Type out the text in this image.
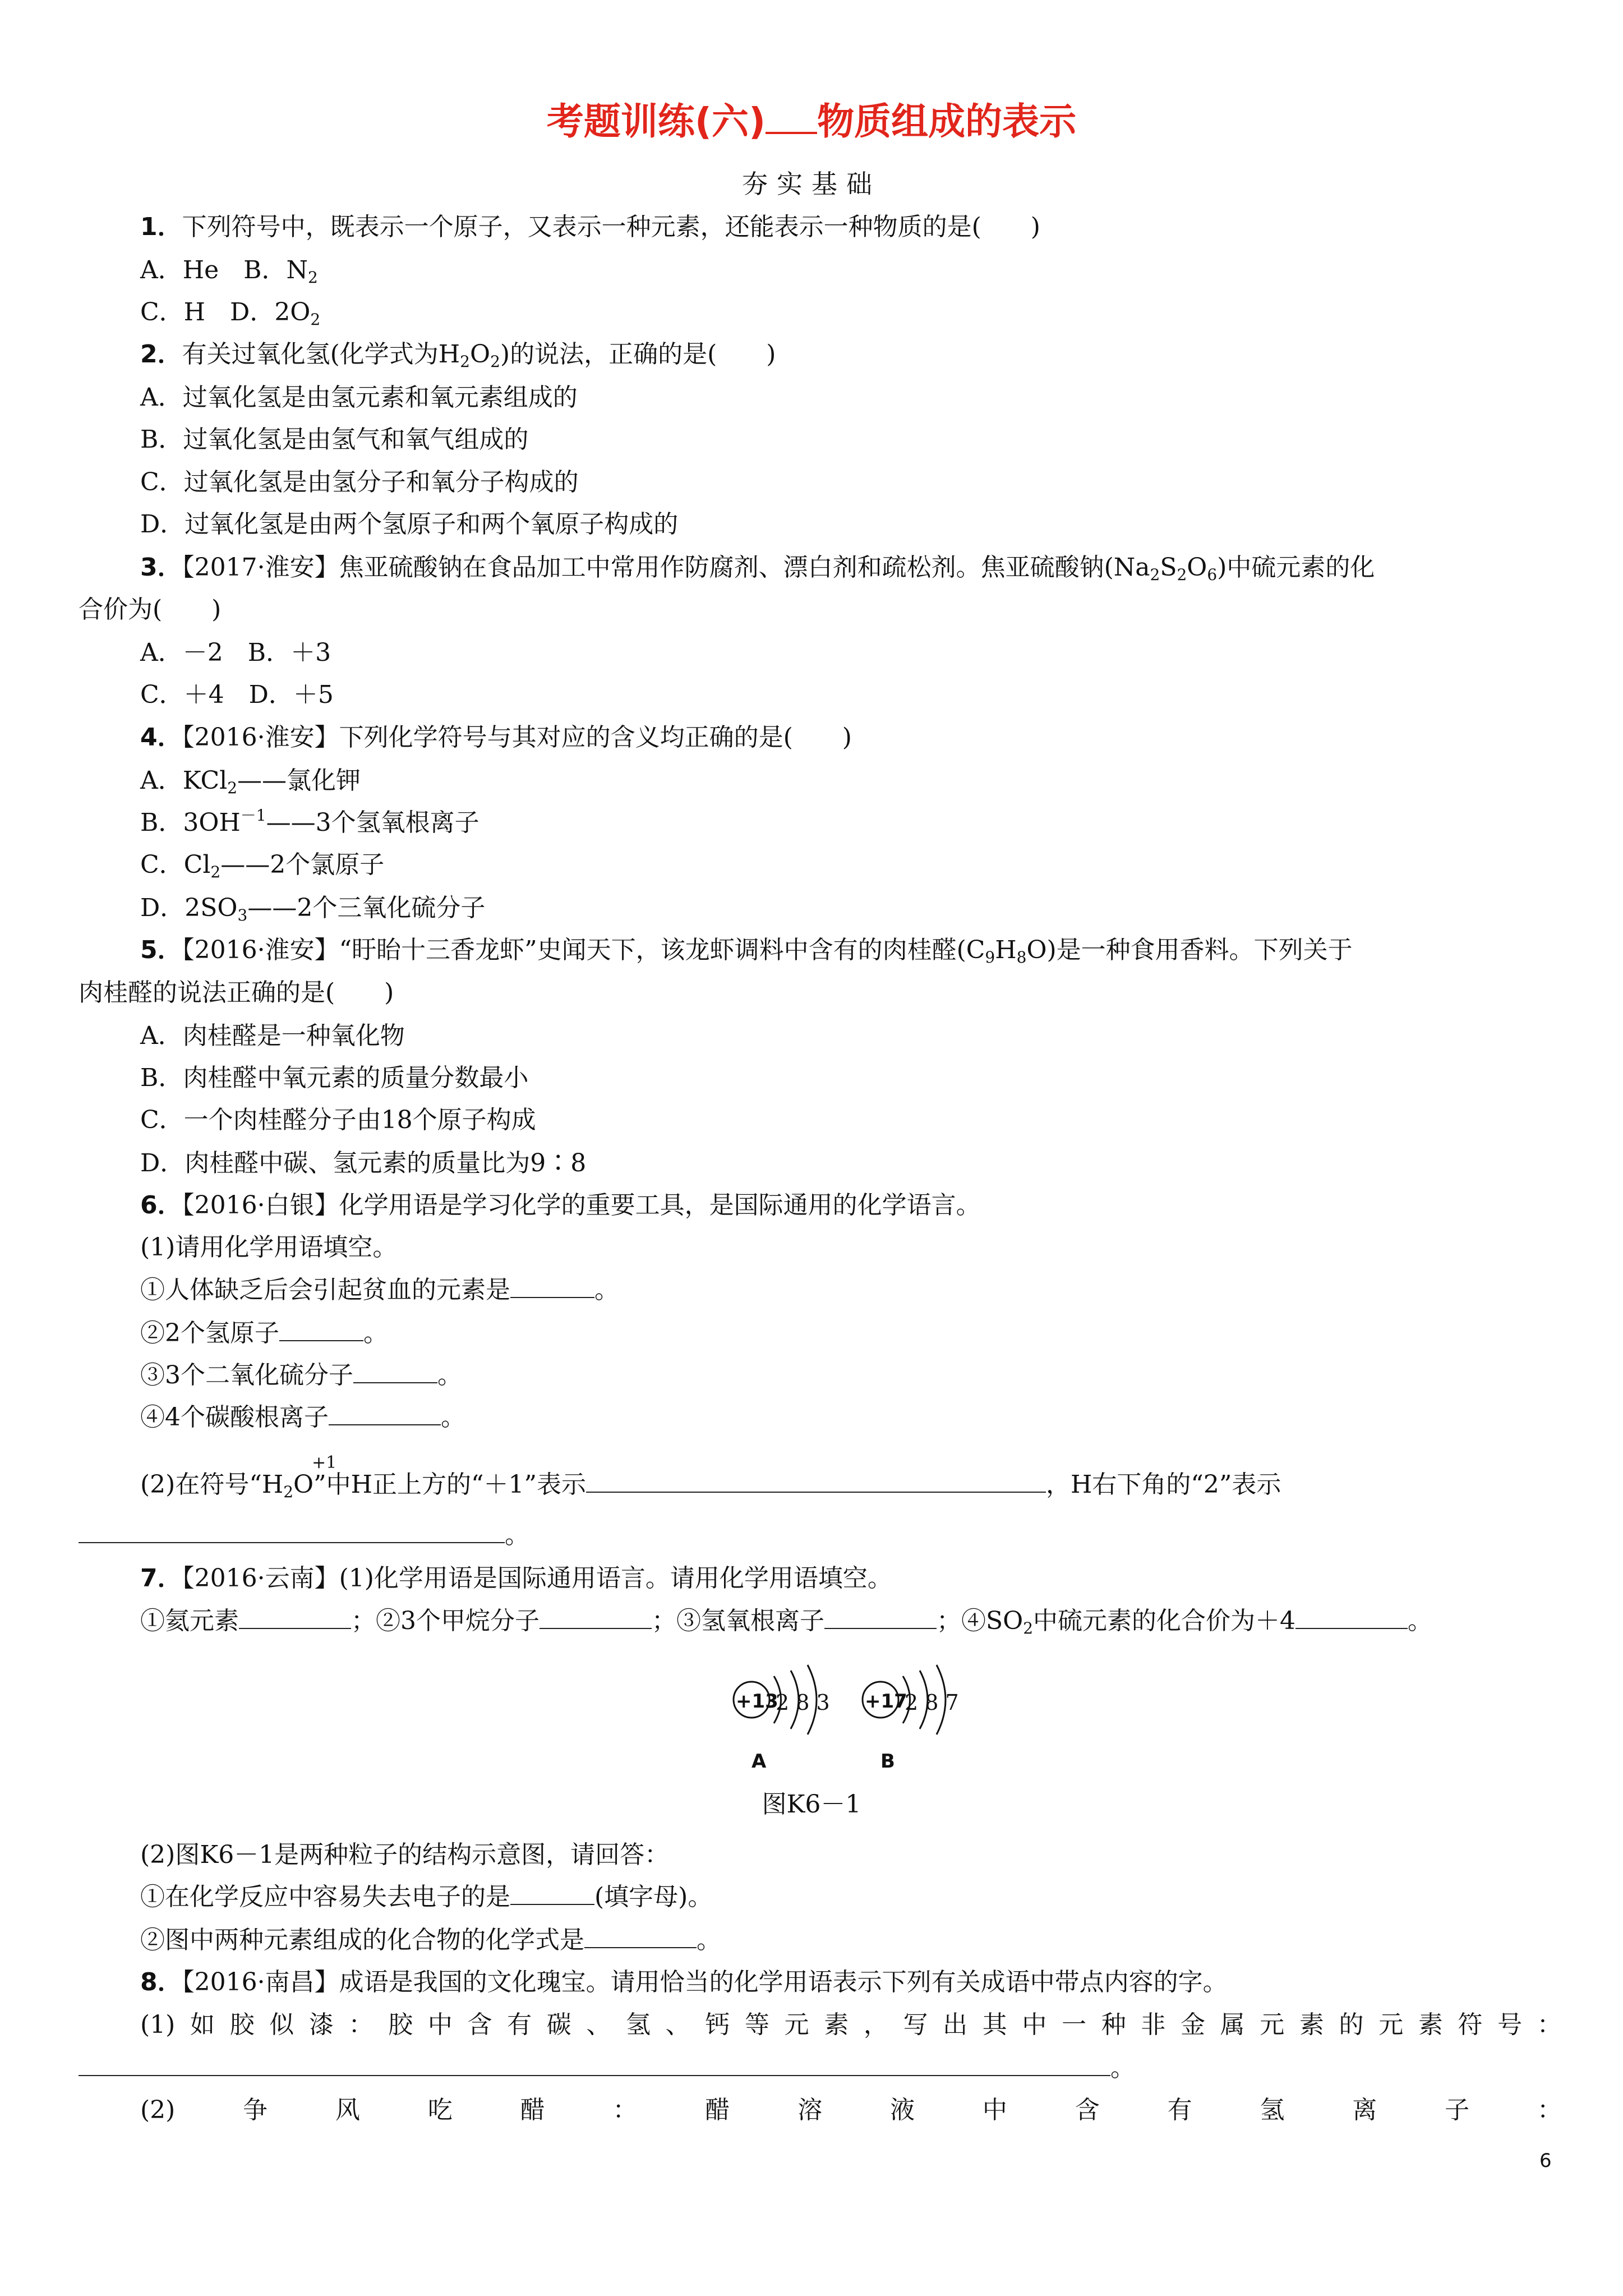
考题训练(六) 物质组成的表示
夯实基础
1．下列符号中，既表示一个原子，又表示一种元素，还能表示一种物质的是(　　)
A．He　B．$N_2$
C．H　D．$2O_2$
2．有关过氧化氢(化学式为$H_2O_2$)的说法，正确的是(　　)
A．过氧化氢是由氢元素和氧元素组成的
B．过氧化氢是由氢气和氧气组成的
C．过氧化氢是由氢分子和氧分子构成的
D．过氧化氢是由两个氢原子和两个氧原子构成的
3．【2017·淮安】焦亚硫酸钠在食品加工中常用作防腐剂、漂白剂和疏松剂。焦亚硫酸钠$(Na_2S_2O_6)$中硫元素的化
合价为(　　)
A．－2　B．＋3
C．＋4　D．＋5
4．【2016·淮安】下列化学符号与其对应的含义均正确的是(　　)
A．KCl$_2$——氯化钾
B．$3OH^{-1}——3$个氢氧根离子
C．$Cl_2——2$个氯原子
D．$2SO_3——2$个三氧化硫分子
5．【2016·淮安】“盱眙十三香龙虾”史闻天下，该龙虾调料中含有的肉桂醛$(C_9H_8O)$是一种食用香料。下列关于
肉桂醛的说法正确的是(　　)
A．肉桂醛是一种氧化物
B．肉桂醛中氧元素的质量分数最小
C．一个肉桂醛分子由18个原子构成
D．肉桂醛中碳、氢元素的质量比为9∶8
6．【2016·白银】化学用语是学习化学的重要工具，是国际通用的化学语言。
(1)请用化学用语填空。
①人体缺乏后会引起贫血的元素是	。
②2个氢原子	。
③3个二氧化硫分子	。
④4个碳酸根离子	。
+1
(2)在符号“$H_2O$”中H正上方的“＋1”表示	，H右下角的“2”表示
。
7．【2016·云南】(1)化学用语是国际通用语言。请用化学用语填空。
①氦元素	；②3个甲烷分子	；③氢氧根离子	；$④SO_2$中硫元素的化合价为＋4	。
+13
2 8 3
A
+17
2 8 7
B
图K6－1
(2)图K6－1是两种粒子的结构示意图，请回答：
①在化学反应中容易失去电子的是	(填字母)。
②图中两种元素组成的化合物的化学式是	。
8．【2016·南昌】成语是我国的文化瑰宝。请用恰当的化学用语表示下列有关成语中带点内容的字。
(1) 如 胶 似 漆 ： 胶 中 含 有 碳 、 氢 、 钙 等 元 素 ， 写 出 其 中 一 种 非 金 属 元 素 的 元 素 符 号 ：
。
(2)	争	风	吃	醋	：	醋	溶	液	中	含	有	氢	离	子	：
6
